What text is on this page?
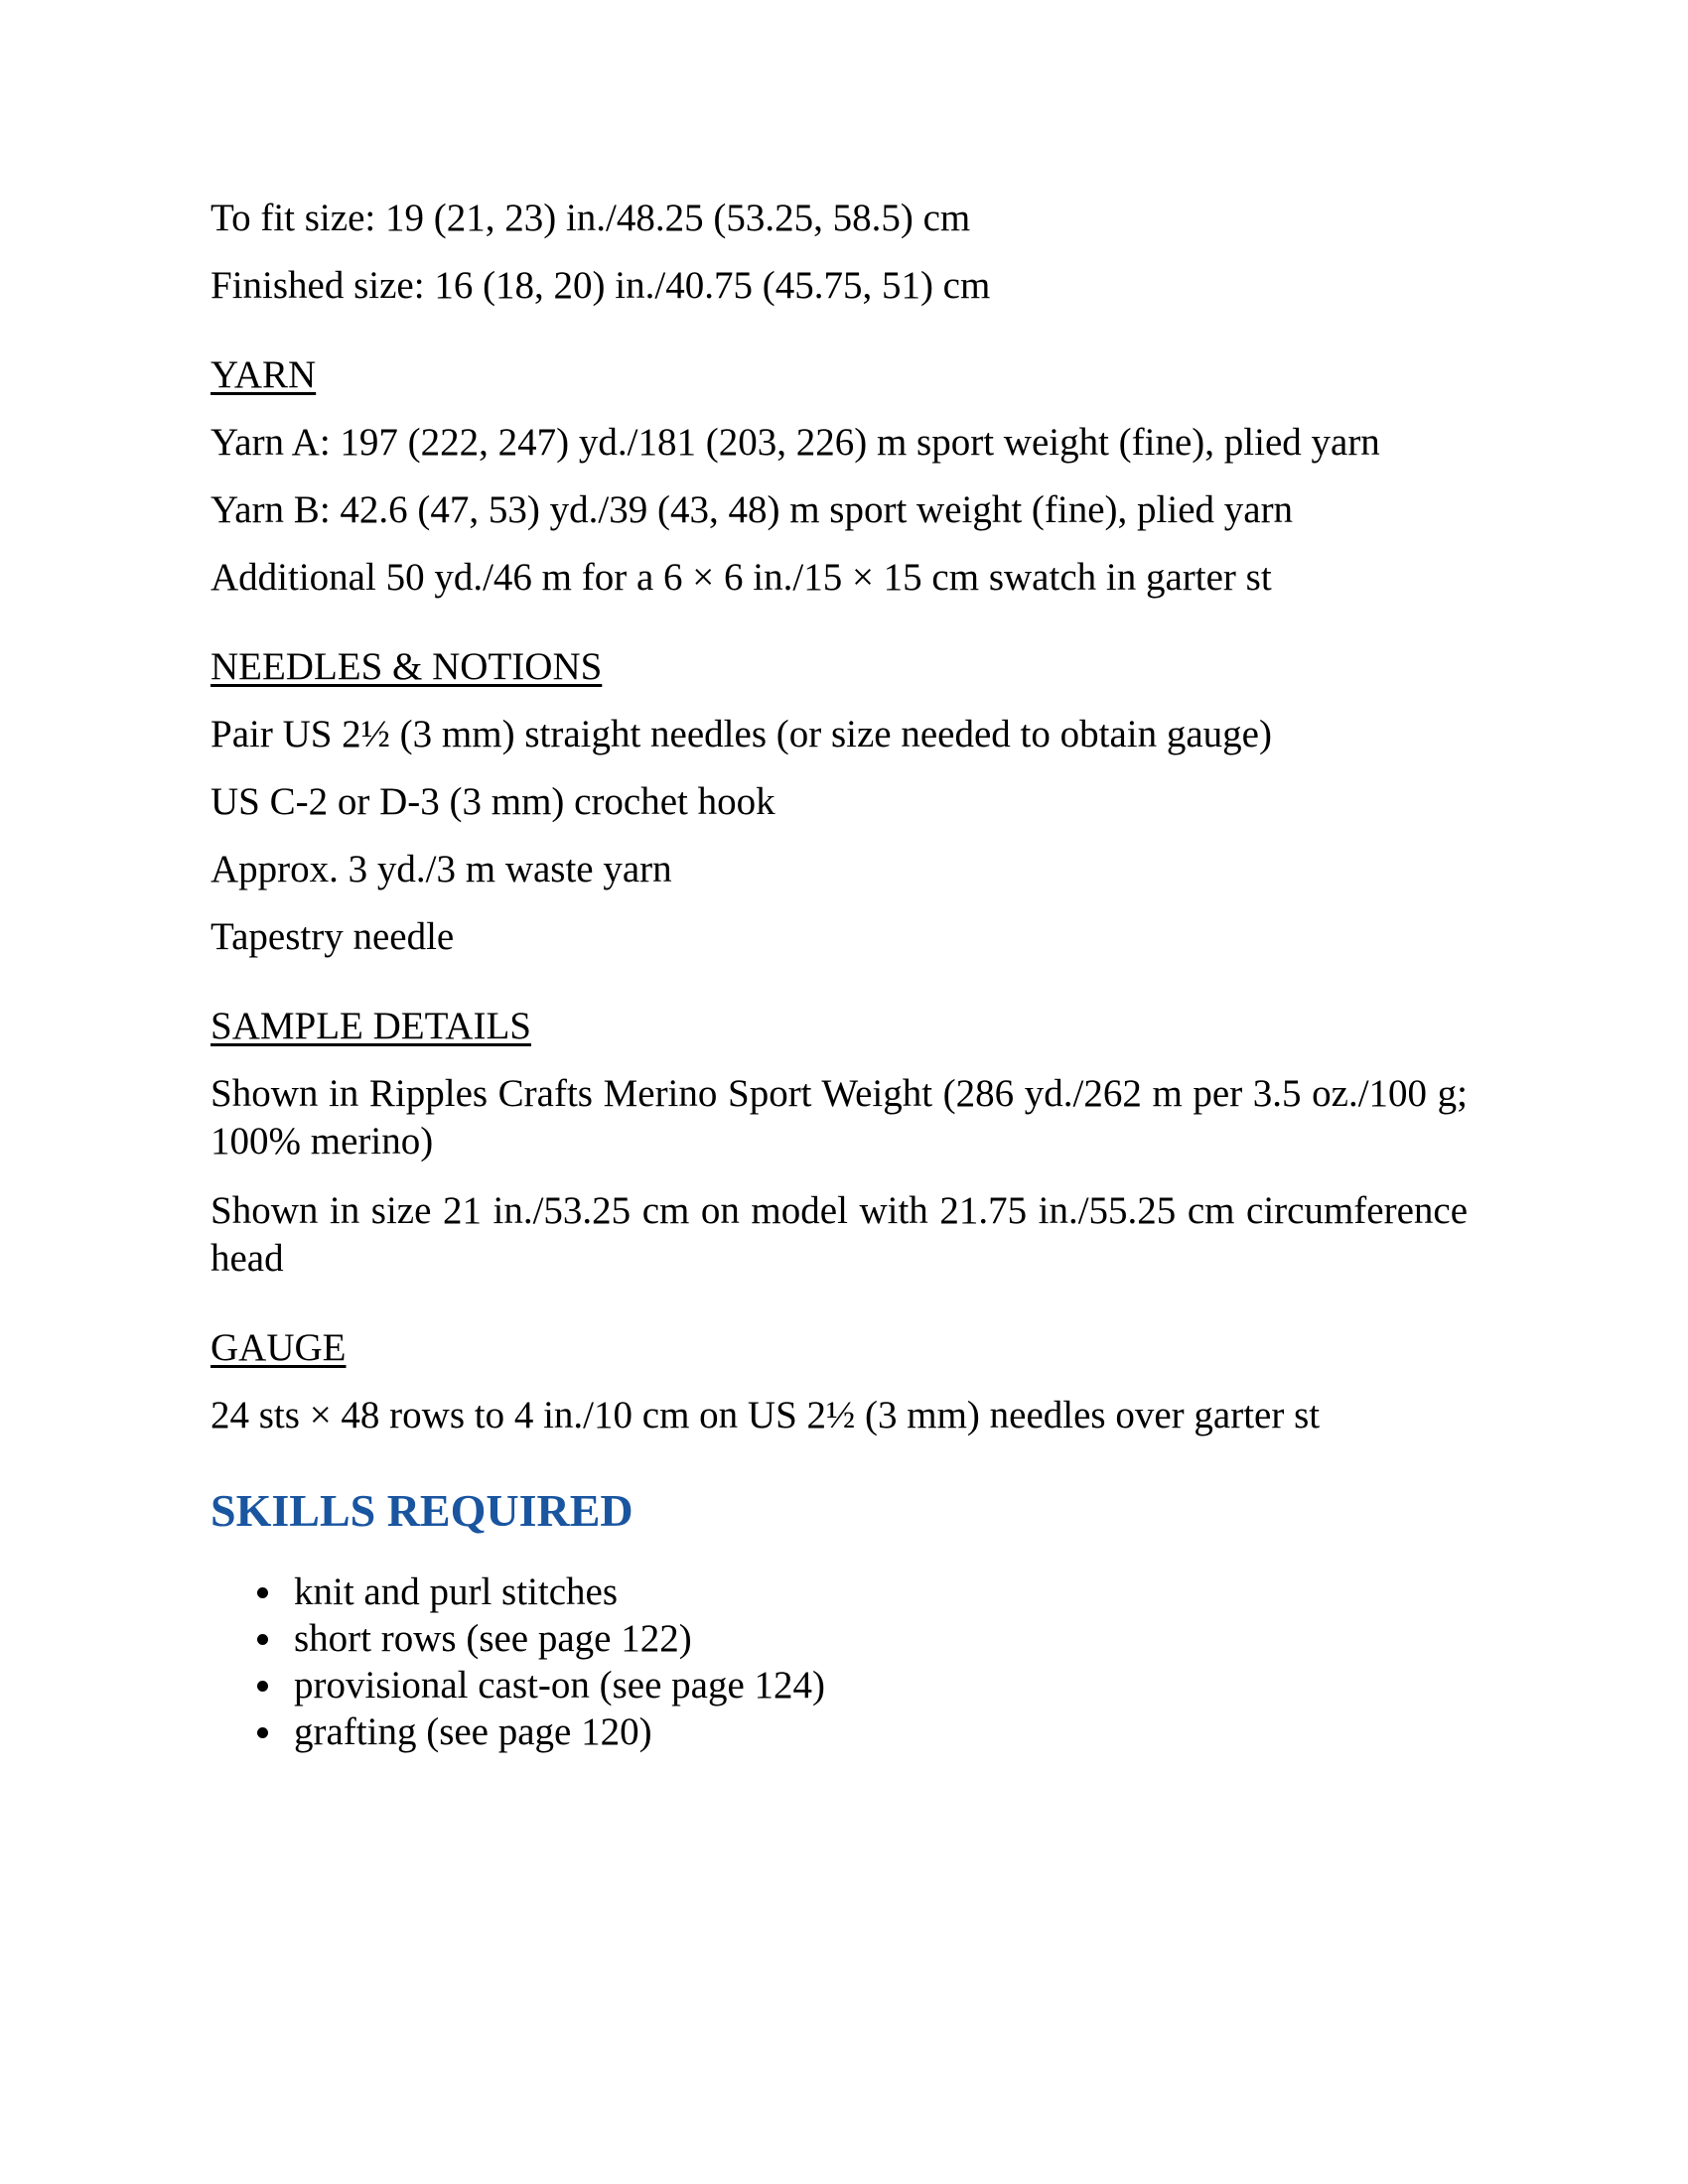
To fit size: 19 (21, 23) in./48.25 (53.25, 58.5) cm
Finished size: 16 (18, 20) in./40.75 (45.75, 51) cm
YARN
Yarn A: 197 (222, 247) yd./181 (203, 226) m sport weight (fine), plied yarn
Yarn B: 42.6 (47, 53) yd./39 (43, 48) m sport weight (fine), plied yarn
Additional 50 yd./46 m for a 6 × 6 in./15 × 15 cm swatch in garter st
NEEDLES & NOTIONS
Pair US 2½ (3 mm) straight needles (or size needed to obtain gauge)
US C-2 or D-3 (3 mm) crochet hook
Approx. 3 yd./3 m waste yarn
Tapestry needle
SAMPLE DETAILS
Shown in Ripples Crafts Merino Sport Weight (286 yd./262 m per 3.5 oz./100 g; 100% merino)
Shown in size 21 in./53.25 cm on model with 21.75 in./55.25 cm circumference head
GAUGE
24 sts × 48 rows to 4 in./10 cm on US 2½ (3 mm) needles over garter st
SKILLS REQUIRED
knit and purl stitches
short rows (see page 122)
provisional cast-on (see page 124)
grafting (see page 120)
